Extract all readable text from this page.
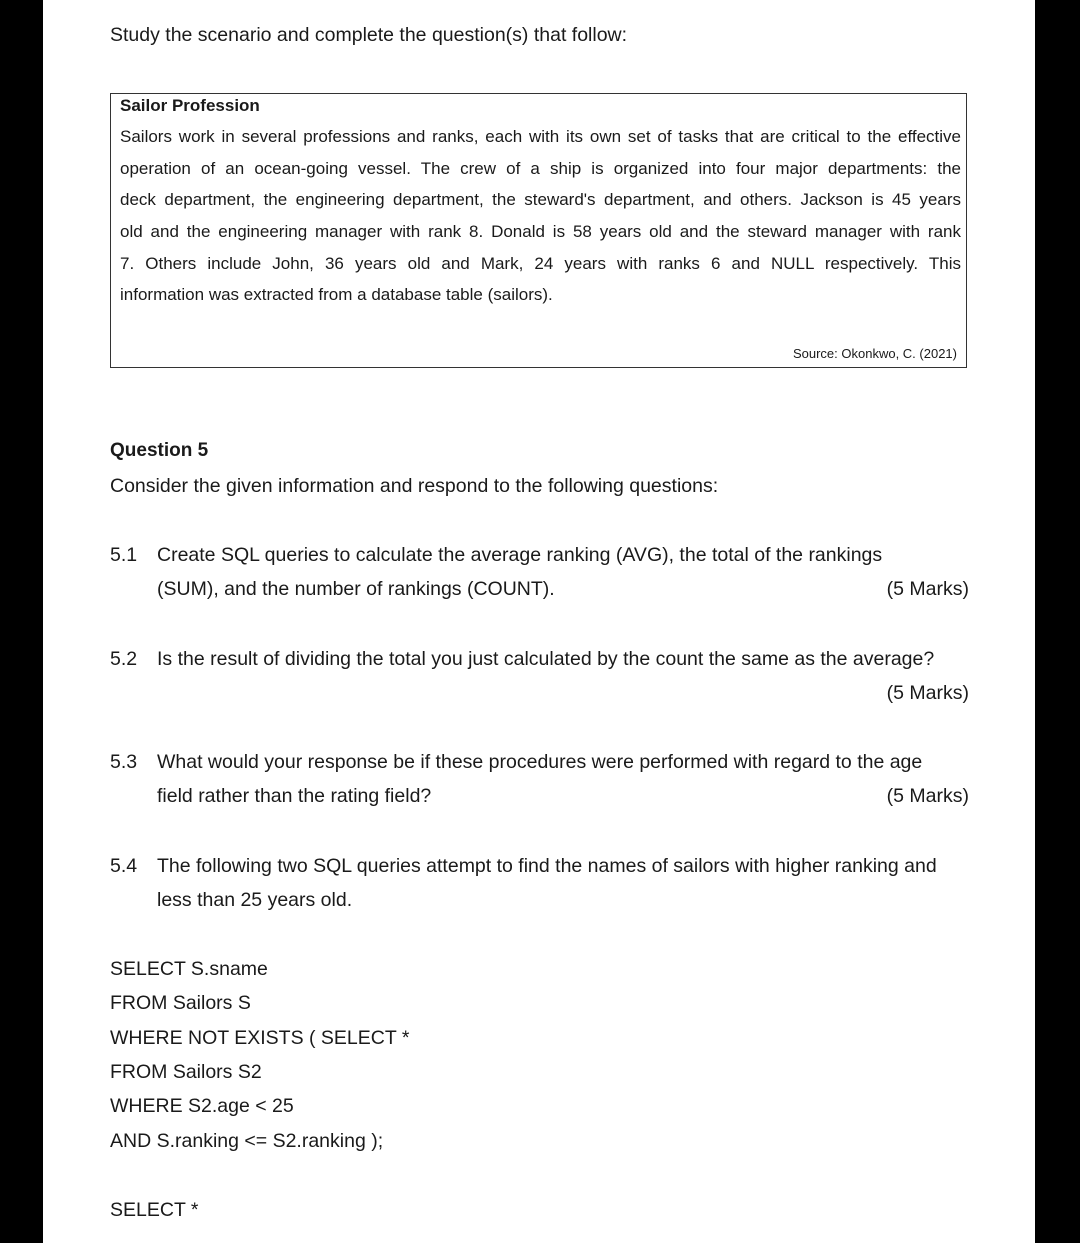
Study the scenario and complete the question(s) that follow:
Sailor Profession
Sailors work in several professions and ranks, each with its own set of tasks that are critical to the effective
operation of an ocean-going vessel. The crew of a ship is organized into four major departments: the
deck department, the engineering department, the steward's department, and others. Jackson is 45 years
old and the engineering manager with rank 8. Donald is 58 years old and the steward manager with rank
7. Others include John, 36 years old and Mark, 24 years with ranks 6 and NULL respectively. This
information was extracted from a database table (sailors).
Source: Okonkwo, C. (2021)
Question 5
Consider the given information and respond to the following questions:
5.1 Create SQL queries to calculate the average ranking (AVG), the total of the rankings
(SUM), and the number of rankings (COUNT).	(5 Marks)
5.2 Is the result of dividing the total you just calculated by the count the same as the average?
(5 Marks)
5.3 What would your response be if these procedures were performed with regard to the age
field rather than the rating field?	(5 Marks)
5.4 The following two SQL queries attempt to find the names of sailors with higher ranking and
less than 25 years old.
SELECT S.sname
FROM Sailors S
WHERE NOT EXISTS ( SELECT *
FROM Sailors S2
WHERE S2.age < 25
AND S.ranking <= S2.ranking );
SELECT *
